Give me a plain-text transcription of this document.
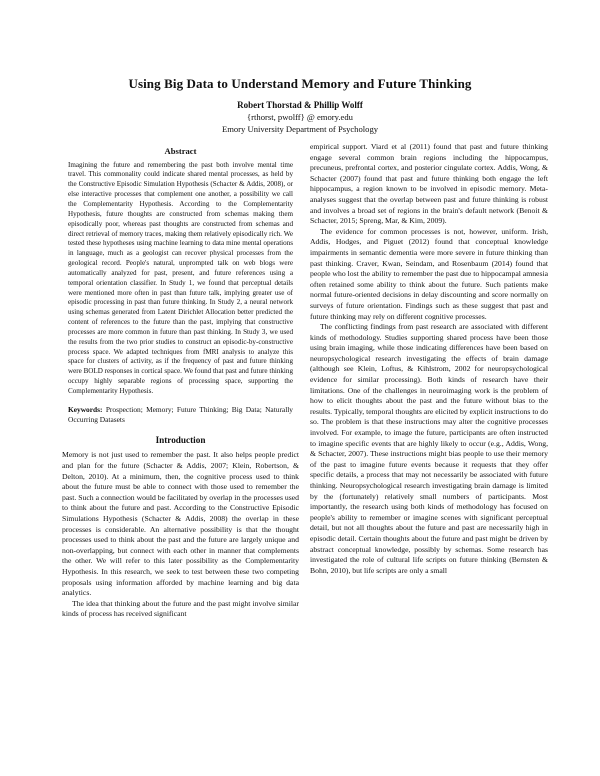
Using Big Data to Understand Memory and Future Thinking
Robert Thorstad & Phillip Wolff
{rthorst, pwolff} @ emory.edu
Emory University Department of Psychology
Abstract

Imagining the future and remembering the past both involve mental time travel. This commonality could indicate shared mental processes, as held by the Constructive Episodic Simulation Hypothesis (Schacter & Addis, 2008), or else interactive processes that complement one another, a possibility we call the Complementarity Hypothesis. According to the Complementarity Hypothesis, future thoughts are constructed from schemas making them episodically poor, whereas past thoughts are constructed from schemas and direct retrieval of memory traces, making them relatively episodically rich. We tested these hypotheses using machine learning to data mine mental operations in language, much as a geologist can recover physical processes from the geological record. People's natural, unprompted talk on web blogs were automatically analyzed for past, present, and future references using a temporal orientation classifier. In Study 1, we found that perceptual details were mentioned more often in past than future talk, implying greater use of episodic processing in past than future thinking. In Study 2, a neural network using schemas generated from Latent Dirichlet Allocation better predicted the content of references to the future than the past, implying that constructive processes are more common in future than past thinking. In Study 3, we used the results from the two prior studies to construct an episodic-by-constructive process space. We adapted techniques from fMRI analysis to analyze this space for clusters of activity, as if the frequency of past and future thinking were BOLD responses in cortical space. We found that past and future thinking occupy highly separable regions of processing space, supporting the Complementarity Hypothesis.

Keywords: Prospection; Memory; Future Thinking; Big Data; Naturally Occurring Datasets
Introduction

Memory is not just used to remember the past. It also helps people predict and plan for the future (Schacter & Addis, 2007; Klein, Robertson, & Delton, 2010). At a minimum, then, the cognitive process used to think about the future must be able to connect with those used to remember the past. Such a connection would be facilitated by overlap in the processes used to think about the future and past. According to the Constructive Episodic Simulations Hypothesis (Schacter & Addis, 2008) the overlap in these processes is considerable. An alternative possibility is that the thought processes used to think about the past and the future are largely unique and non-overlapping, but connect with each other in manner that complements the other. We will refer to this later possibility as the Complementarity Hypothesis. In this research, we seek to test between these two competing proposals using information afforded by machine learning and big data analytics.

The idea that thinking about the future and the past might involve similar kinds of process has received significant

empirical support. Viard et al (2011) found that past and future thinking engage several common brain regions including the hippocampus, precuneus, prefrontal cortex, and posterior cingulate cortex. Addis, Wong, & Schacter (2007) found that past and future thinking both engage the left hippocampus, a region known to be involved in episodic memory. Meta-analyses suggest that the overlap between past and future thinking is robust and involves a broad set of regions in the brain's default network (Benoit & Schacter, 2015; Spreng, Mar, & Kim, 2009).

The evidence for common processes is not, however, uniform. Irish, Addis, Hodges, and Piguet (2012) found that conceptual knowledge impairments in semantic dementia were more severe in future thinking than past thinking. Craver, Kwan, Seindam, and Rosenbaum (2014) found that people who lost the ability to remember the past due to hippocampal amnesia often retained some ability to think about the future. Such patients make normal future-oriented decisions in delay discounting and score normally on surveys of future orientation. Findings such as these suggest that past and future thinking may rely on different cognitive processes.

The conflicting findings from past research are associated with different kinds of methodology. Studies supporting shared process have been those using brain imaging, while those indicating differences have been based on neuropsychological research investigating the effects of brain damage (although see Klein, Loftus, & Kihlstrom, 2002 for neuropsychological evidence for similar processing). Both kinds of research have their limitations. One of the challenges in neuroimaging work is the problem of how to elicit thoughts about the past and the future without bias to the results. Typically, temporal thoughts are elicited by explicit instructions to do so. The problem is that these instructions may alter the cognitive processes involved. For example, to image the future, participants are often instructed to imagine specific events that are highly likely to occur (e.g., Addis, Wong, & Schacter, 2007). These instructions might bias people to use their memory of the past to imagine future events because it requests that they offer specific details, a process that may not necessarily be associated with future thinking. Neuropsychological research investigating brain damage is limited by the (fortunately) relatively small numbers of participants. Most importantly, the research using both kinds of methodology has focused on people's ability to remember or imagine scenes with significant perceptual detail, but not all thoughts about the future and past are necessarily high in episodic detail. Certain thoughts about the future and past might be driven by abstract conceptual knowledge, possibly by schemas. Some research has investigated the role of cultural life scripts on future thinking (Bernsten & Bohn, 2010), but life scripts are only a small
